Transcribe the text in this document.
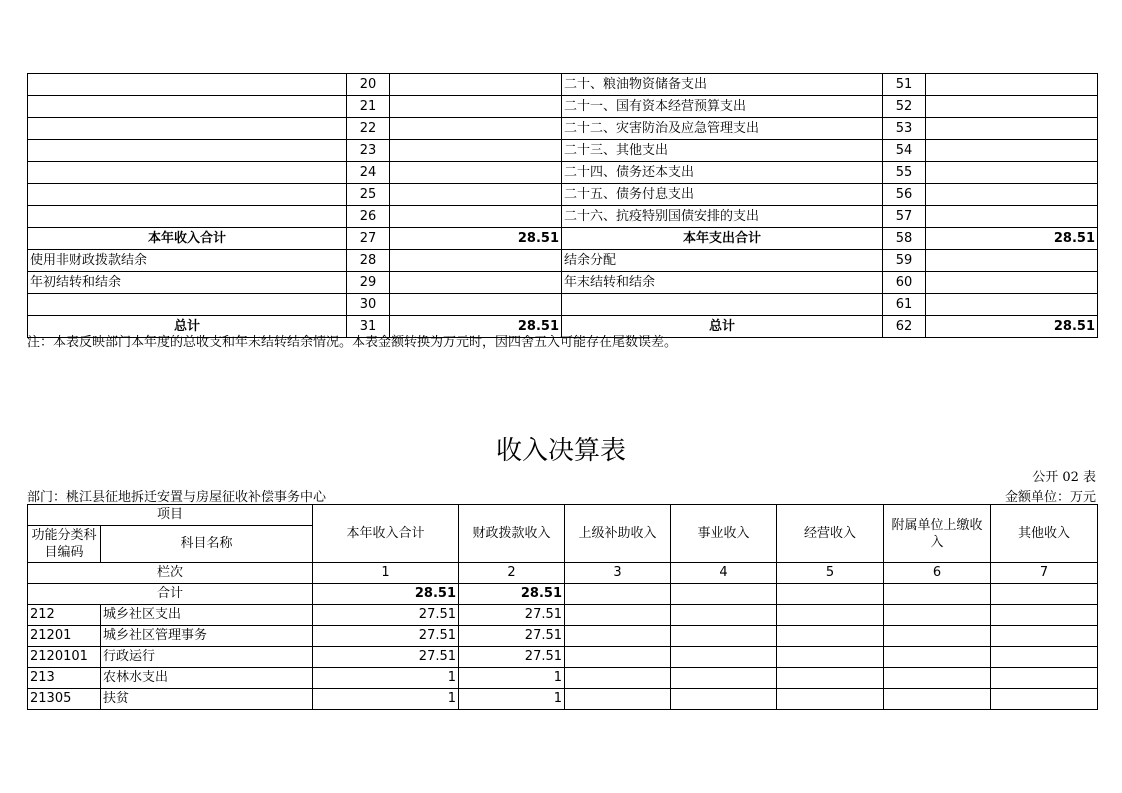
	20		二十、粮油物资储备支出	51	
	21		二十一、国有资本经营预算支出	52	
	22		二十二、灾害防治及应急管理支出	53	
	23		二十三、其他支出	54	
	24		二十四、债务还本支出	55	
	25		二十五、债务付息支出	56	
	26		二十六、抗疫特别国债安排的支出	57	
本年收入合计	27	28.51	本年支出合计	58	28.51
使用非财政拨款结余	28		结余分配	59	
年初结转和结余	29		年末结转和结余	60	
	30			61	
总计	31	28.51	总计	62	28.51
注：本表反映部门本年度的总收支和年末结转结余情况。本表金额转换为万元时，因四舍五入可能存在尾数误差。
收入决算表
公开 02 表
部门：桃江县征地拆迁安置与房屋征收补偿事务中心	金额单位：万元
项目		本年收入合计	财政拨款收入	上级补助收入	事业收入	经营收入	附属单位上缴收入	其他收入
功能分类科目编码	科目名称							
栏次		1	2	3	4	5	6	7
合计		28.51	28.51					
212	城乡社区支出	27.51	27.51					
21201	城乡社区管理事务	27.51	27.51					
2120101	行政运行	27.51	27.51					
213	农林水支出	1	1					
21305	扶贫	1	1					
